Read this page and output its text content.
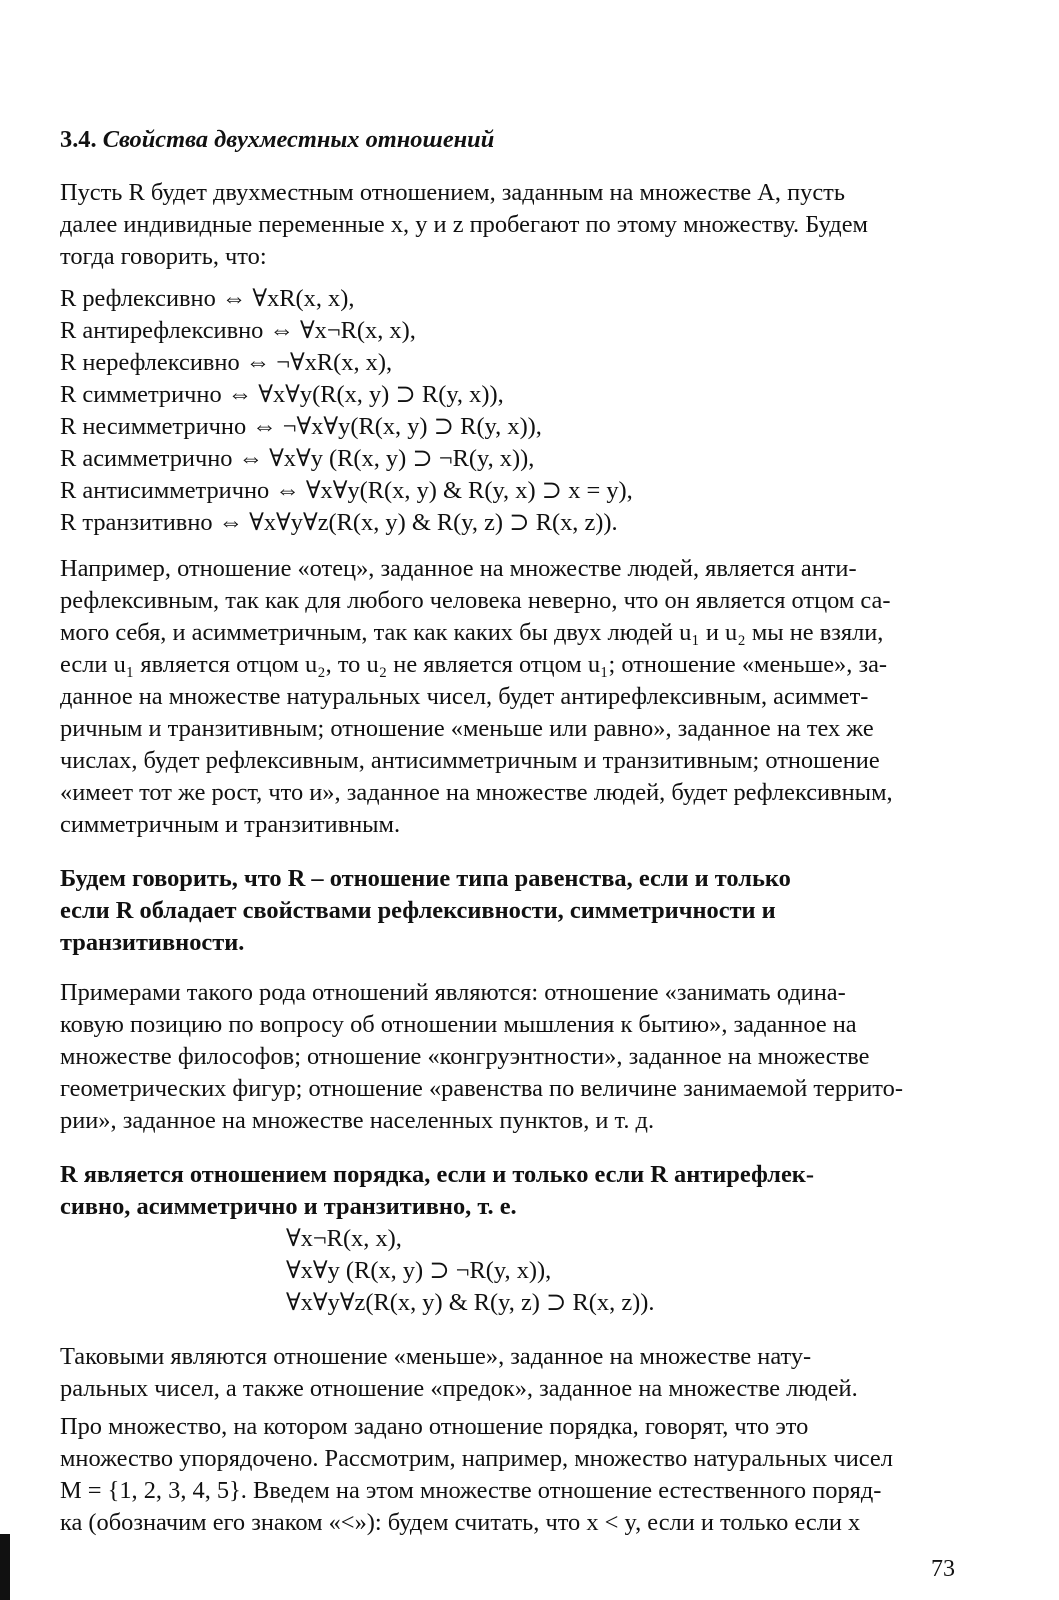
3.4. Свойства двухместных отношений
Пусть R будет двухместным отношением, заданным на множестве A, пусть
далее индивидные переменные x, y и z пробегают по этому множеству. Будем
тогда говорить, что:
R рефлексивно ⇔ ∀xR(x, x),
R антирефлексивно ⇔ ∀x¬R(x, x),
R нерефлексивно ⇔ ¬∀xR(x, x),
R симметрично ⇔ ∀x∀y(R(x, y) ⊃ R(y, x)),
R несимметрично ⇔ ¬∀x∀y(R(x, y) ⊃ R(y, x)),
R асимметрично ⇔ ∀x∀y (R(x, y) ⊃ ¬R(y, x)),
R антисимметрично ⇔ ∀x∀y(R(x, y) & R(y, x) ⊃ x = y),
R транзитивно ⇔ ∀x∀y∀z(R(x, y) & R(y, z) ⊃ R(x, z)).
Например, отношение «отец», заданное на множестве людей, является анти-
рефлексивным, так как для любого человека неверно, что он является отцом са-
мого себя, и асимметричным, так как каких бы двух людей u₁ и u₂ мы не взяли,
если u₁ является отцом u₂, то u₂ не является отцом u₁; отношение «меньше», за-
данное на множестве натуральных чисел, будет антирефлексивным, асиммет-
ричным и транзитивным; отношение «меньше или равно», заданное на тех же
числах, будет рефлексивным, антисимметричным и транзитивным; отношение
«имеет тот же рост, что и», заданное на множестве людей, будет рефлексивным,
симметричным и транзитивным.
Будем говорить, что R – отношение типа равенства, если и только
если R обладает свойствами рефлексивности, симметричности и
транзитивности.
Примерами такого рода отношений являются: отношение «занимать одина-
ковую позицию по вопросу об отношении мышления к бытию», заданное на
множестве философов; отношение «конгруэнтности», заданное на множестве
геометрических фигур; отношение «равенства по величине занимаемой террито-
рии», заданное на множестве населенных пунктов, и т. д.
R является отношением порядка, если и только если R антирефлек-
сивно, асимметрично и транзитивно, т. е.
∀x¬R(x, x),
∀x∀y (R(x, y) ⊃ ¬R(y, x)),
∀x∀y∀z(R(x, y) & R(y, z) ⊃ R(x, z)).
Таковыми являются отношение «меньше», заданное на множестве нату-
ральных чисел, а также отношение «предок», заданное на множестве людей.
Про множество, на котором задано отношение порядка, говорят, что это
множество упорядочено. Рассмотрим, например, множество натуральных чисел
M = {1, 2, 3, 4, 5}. Введем на этом множестве отношение естественного поряд-
ка (обозначим его знаком «<»): будем считать, что x < y, если и только если x
73
